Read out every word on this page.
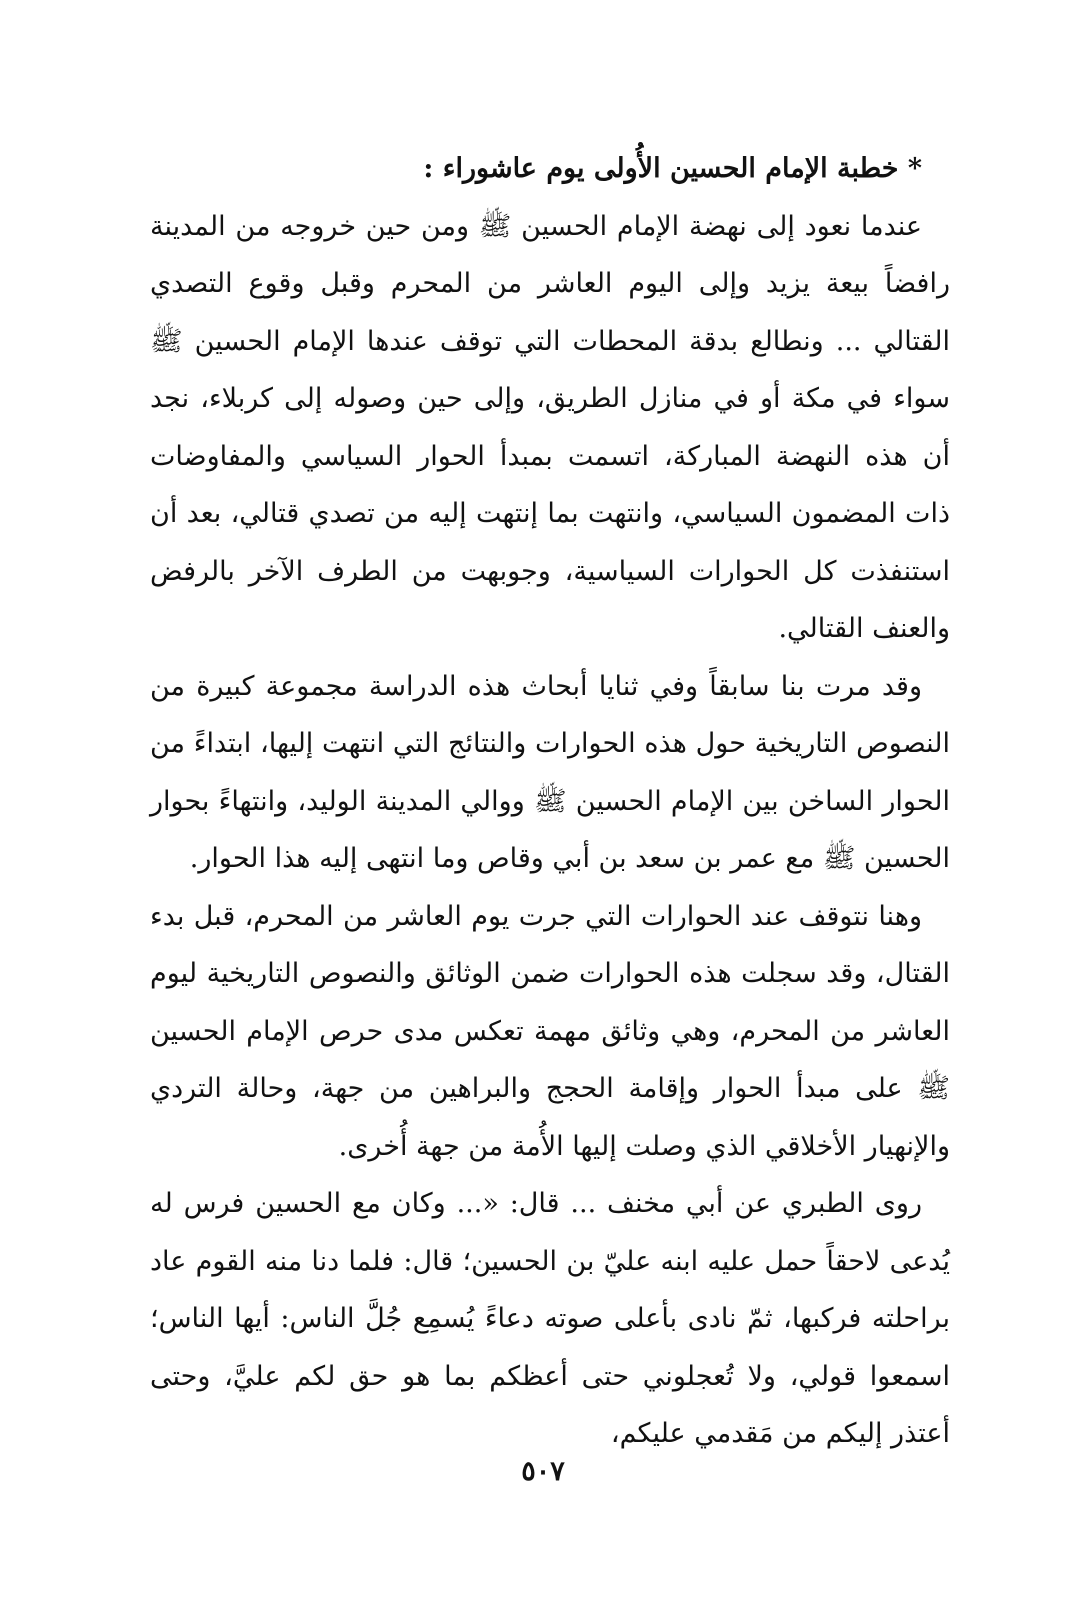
* خطبة الإمام الحسين الأُولى يوم عاشوراء :

عندما نعود إلى نهضة الإمام الحسين ﷺ ومن حين خروجه من المدينة رافضاً بيعة يزيد وإلى اليوم العاشر من المحرم وقبل وقوع التصدي القتالي ... ونطالع بدقة المحطات التي توقف عندها الإمام الحسين ﷺ سواء في مكة أو في منازل الطريق، وإلى حين وصوله إلى كربلاء، نجد أن هذه النهضة المباركة، اتسمت بمبدأ الحوار السياسي والمفاوضات ذات المضمون السياسي، وانتهت بما إنتهت إليه من تصدي قتالي، بعد أن استنفذت كل الحوارات السياسية، وجوبهت من الطرف الآخر بالرفض والعنف القتالي.

وقد مرت بنا سابقاً وفي ثنايا أبحاث هذه الدراسة مجموعة كبيرة من النصوص التاريخية حول هذه الحوارات والنتائج التي انتهت إليها، ابتداءً من الحوار الساخن بين الإمام الحسين ﷺ ووالي المدينة الوليد، وانتهاءً بحوار الحسين ﷺ مع عمر بن سعد بن أبي وقاص وما انتهى إليه هذا الحوار.

وهنا نتوقف عند الحوارات التي جرت يوم العاشر من المحرم، قبل بدء القتال، وقد سجلت هذه الحوارات ضمن الوثائق والنصوص التاريخية ليوم العاشر من المحرم، وهي وثائق مهمة تعكس مدى حرص الإمام الحسين ﷺ على مبدأ الحوار وإقامة الحجج والبراهين من جهة، وحالة التردي والإنهيار الأخلاقي الذي وصلت إليها الأُمة من جهة أُخرى.

روى الطبري عن أبي مخنف ... قال: «... وكان مع الحسين فرس له يُدعى لاحقاً حمل عليه ابنه عليّ بن الحسين؛ قال: فلما دنا منه القوم عاد براحلته فركبها، ثمّ نادى بأعلى صوته دعاءً يُسمِع جُلَّ الناس: أيها الناس؛ اسمعوا قولي، ولا تُعجلوني حتى أعظكم بما هو حق لكم عليَّ، وحتى أعتذر إليكم من مَقدمي عليكم،

٥٠٧
